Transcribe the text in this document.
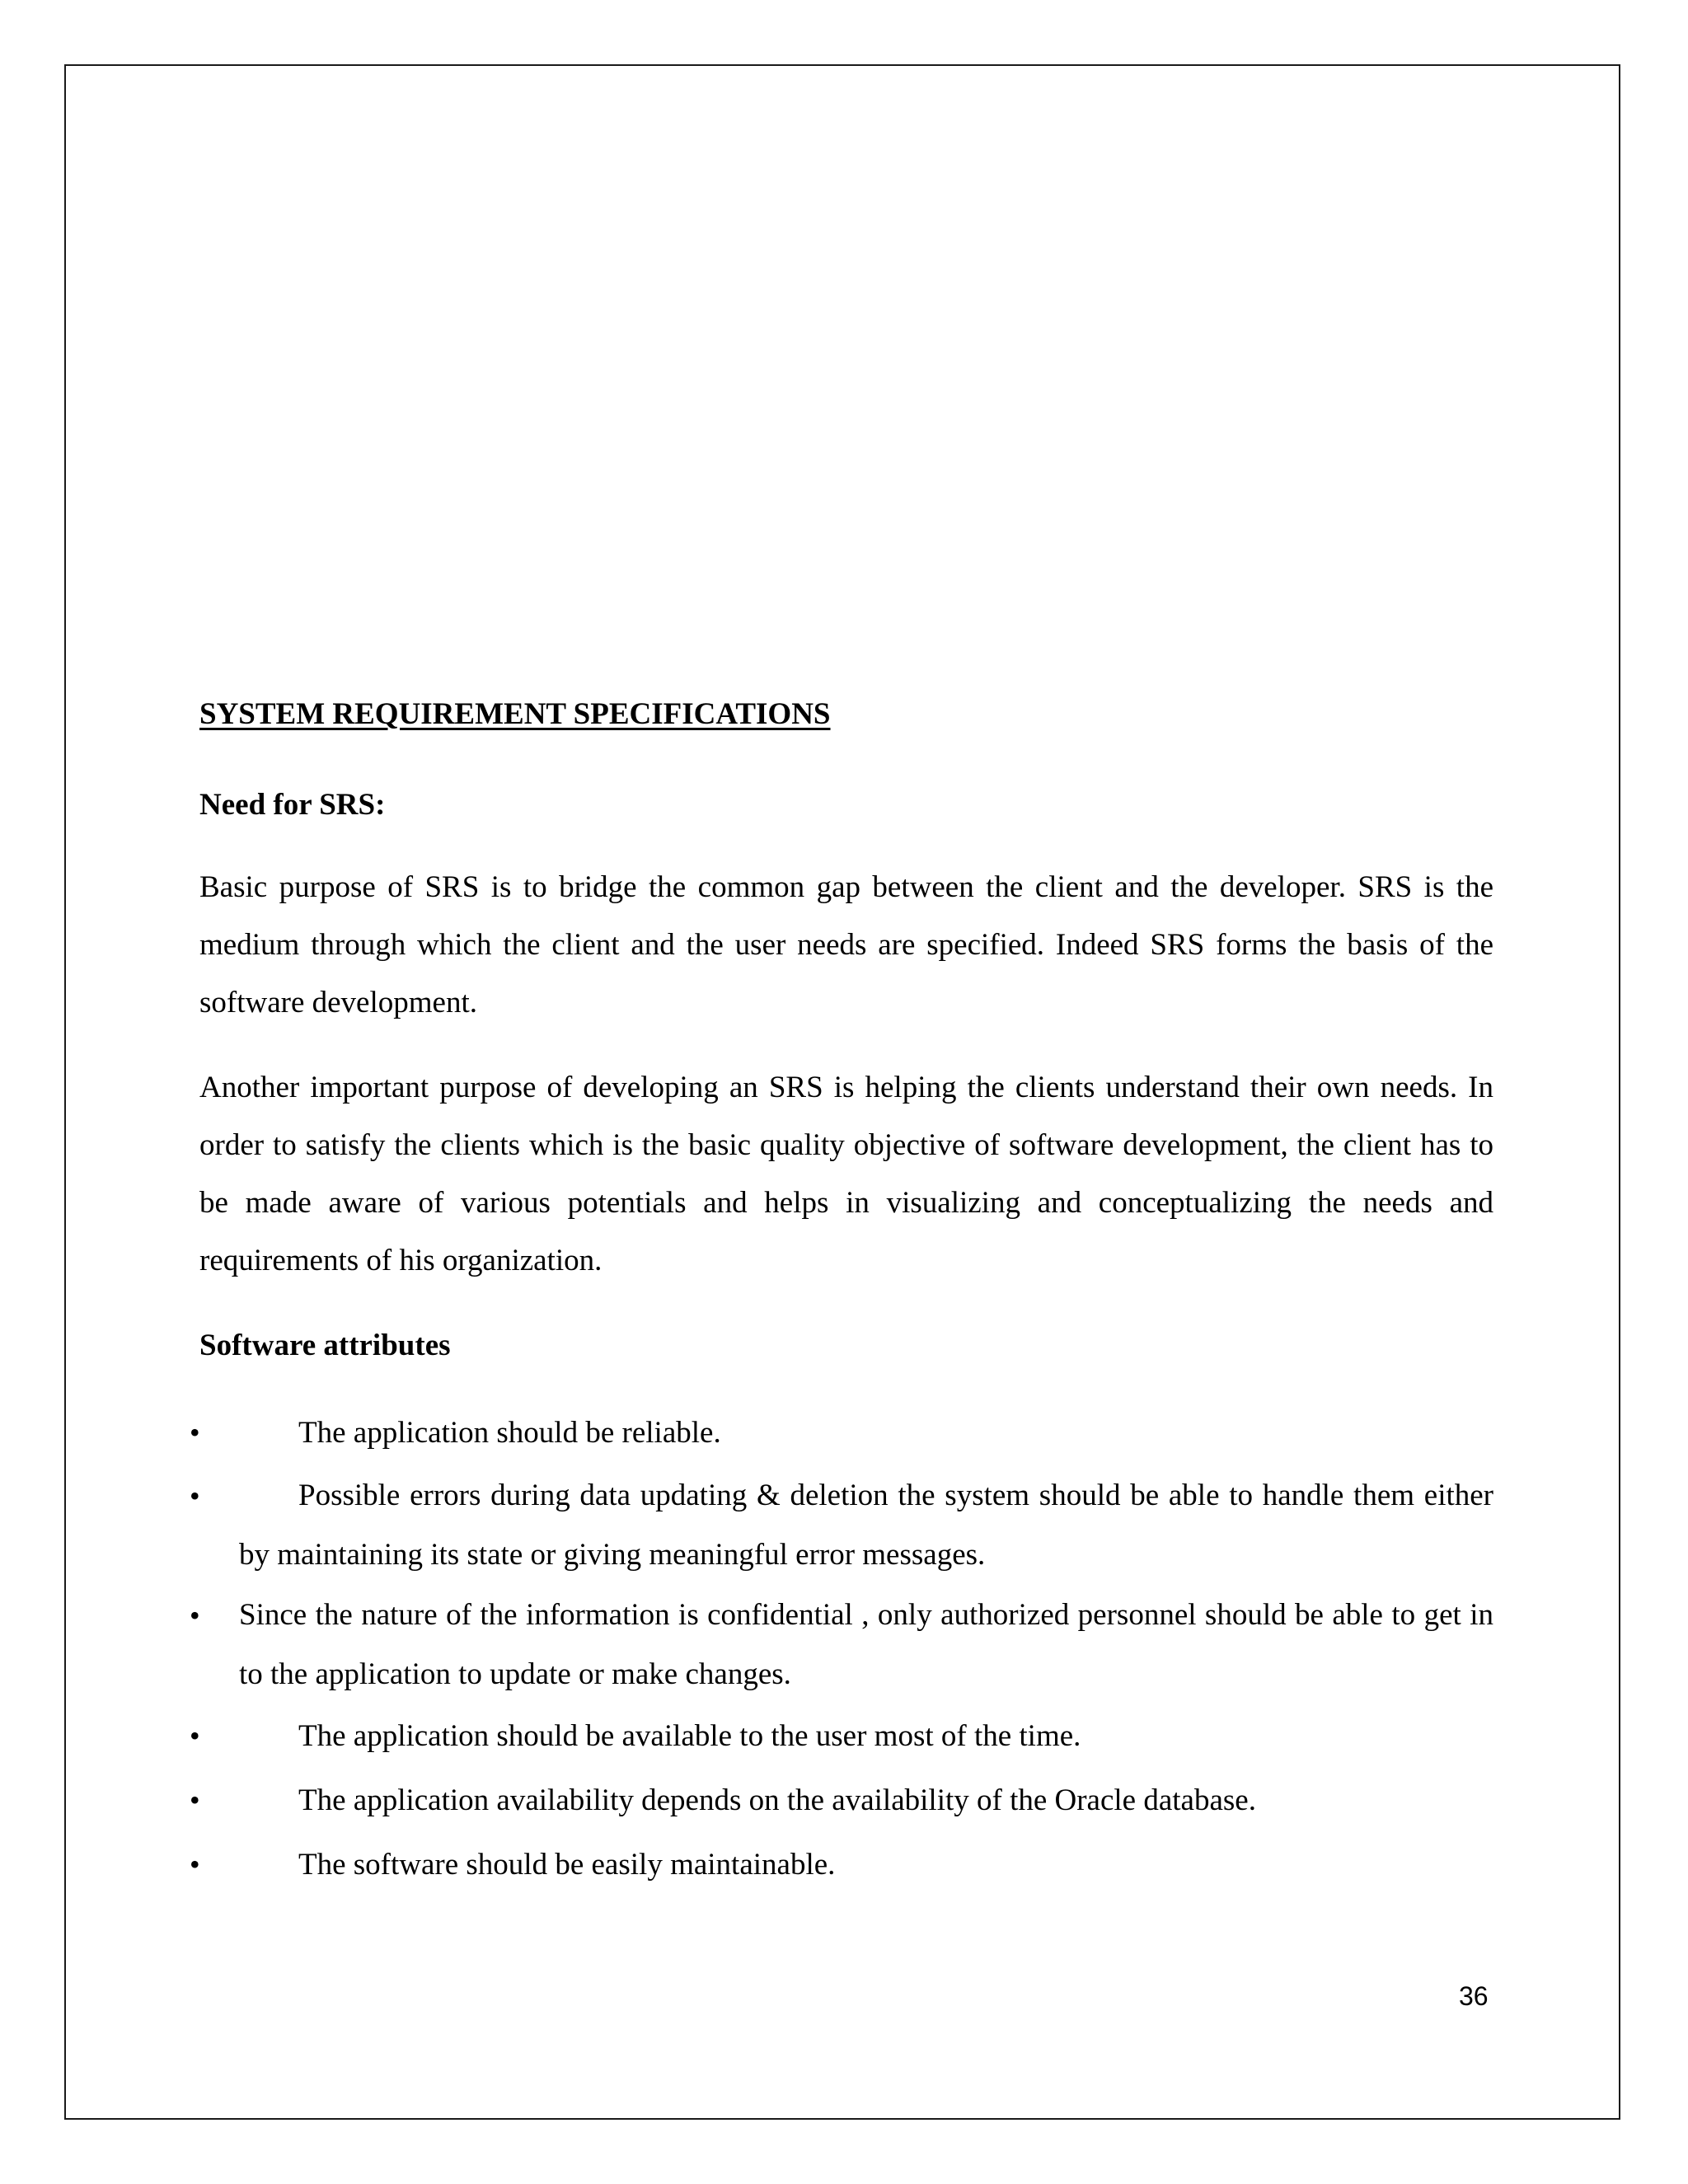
SYSTEM REQUIREMENT SPECIFICATIONS
Need for SRS:

Basic purpose of SRS is to bridge the common gap between the client and the developer. SRS is the medium through which the client and the user needs are specified. Indeed SRS forms the basis of the software development.

Another important purpose of developing an SRS is helping the clients understand their own needs. In order to satisfy the clients which is the basic quality objective of software development, the client has to be made aware of various potentials and helps in visualizing and conceptualizing the needs and requirements of his organization.

Software attributes
•	The application should be reliable.
•	Possible errors during data updating & deletion the system should be able to handle them either by maintaining its state or giving meaningful error messages.

• Since the nature of the information is confidential , only authorized personnel should be able to get in to the application to update or make changes.

•	The application should be available to the user most of the time.
•	The application availability depends on the availability of the Oracle database.
•	The software should be easily maintainable.
36
